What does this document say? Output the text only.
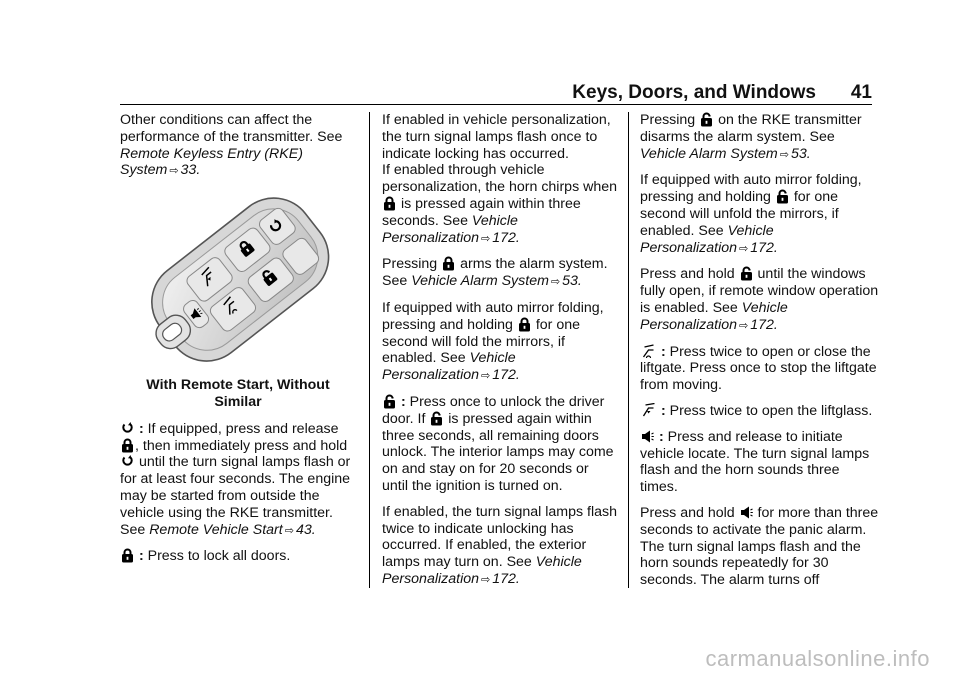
Keys, Doors, and Windows 41

Other conditions can affect the performance of the transmitter. See Remote Keyless Entry (RKE) System ⇨ 33.

With Remote Start, Without
Similar

: If equipped, press and release
, then immediately press and hold
until the turn signal lamps flash or for at least four seconds. The engine may be started from outside the vehicle using the RKE transmitter. See Remote Vehicle Start ⇨ 43.

: Press to lock all doors.

If enabled in vehicle personalization, the turn signal lamps flash once to indicate locking has occurred.

If enabled through vehicle personalization, the horn chirps when
is pressed again within three seconds. See Vehicle Personalization ⇨ 172.

Pressing
arms the alarm system. See Vehicle Alarm System ⇨ 53.

If equipped with auto mirror folding, pressing and holding
for one second will fold the mirrors, if enabled. See Vehicle Personalization ⇨ 172.

: Press once to unlock the driver door. If
is pressed again within three seconds, all remaining doors unlock. The interior lamps may come on and stay on for 20 seconds or until the ignition is turned on.

If enabled, the turn signal lamps flash twice to indicate unlocking has occurred. If enabled, the exterior lamps may turn on. See Vehicle Personalization ⇨ 172.

Pressing
on the RKE transmitter disarms the alarm system. See Vehicle Alarm System ⇨ 53.

If equipped with auto mirror folding, pressing and holding
for one second will unfold the mirrors, if enabled. See Vehicle Personalization ⇨ 172.

Press and hold
until the windows fully open, if remote window operation is enabled. See Vehicle Personalization ⇨ 172.

: Press twice to open or close the liftgate. Press once to stop the liftgate from moving.

: Press twice to open the liftglass.

: Press and release to initiate vehicle locate. The turn signal lamps flash and the horn sounds three times.

Press and hold
for more than three seconds to activate the panic alarm. The turn signal lamps flash and the horn sounds repeatedly for 30 seconds. The alarm turns off

carmanualsonline.info
